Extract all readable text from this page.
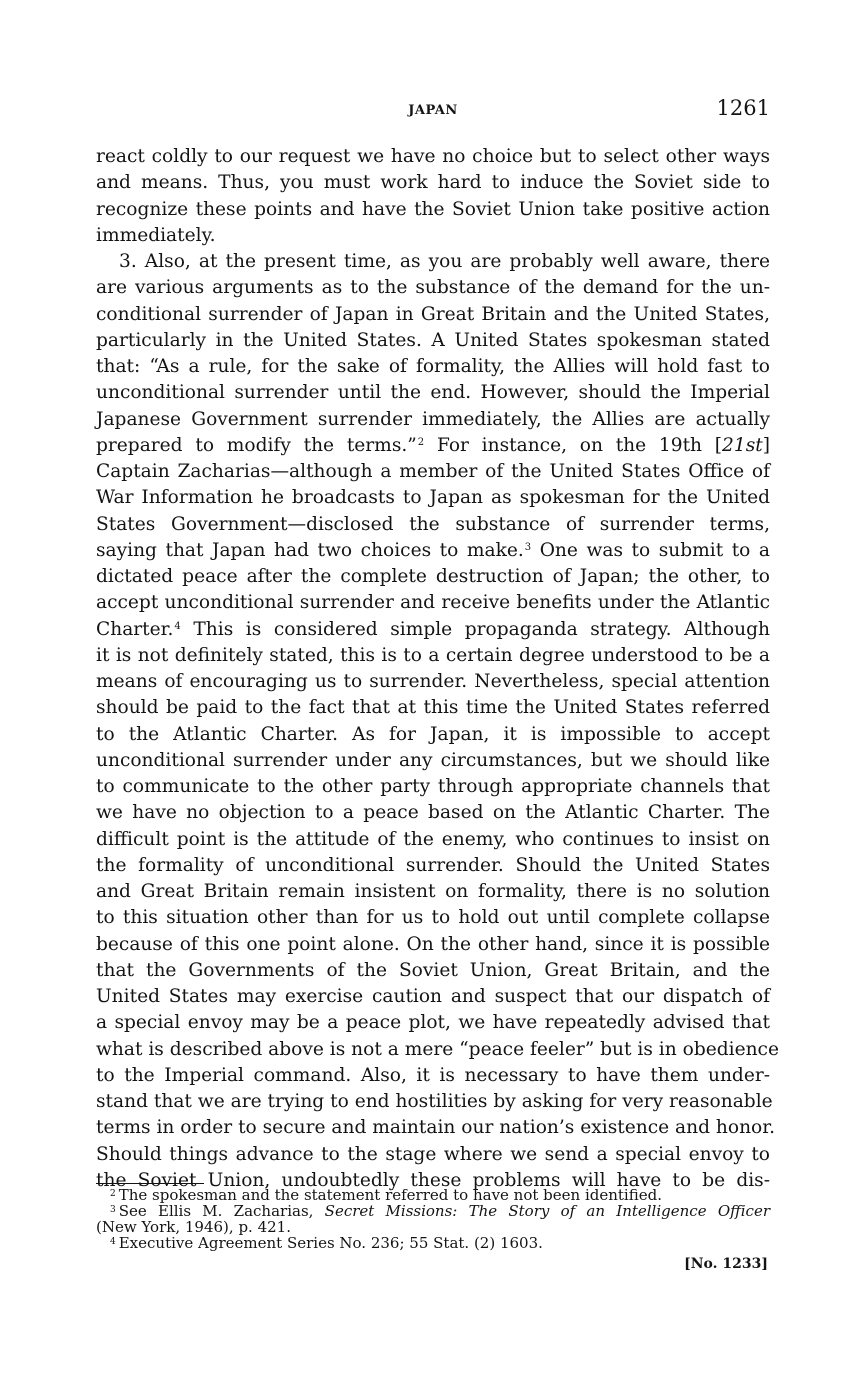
JAPAN	1261
react coldly to our request we have no choice but to select other ways
and means. Thus, you must work hard to induce the Soviet side to
recognize these points and have the Soviet Union take positive action
immediately.
3. Also, at the present time, as you are probably well aware, there
are various arguments as to the substance of the demand for the un-
conditional surrender of Japan in Great Britain and the United States,
particularly in the United States. A United States spokesman stated
that: “As a rule, for the sake of formality, the Allies will hold fast to
unconditional surrender until the end. However, should the Imperial
Japanese Government surrender immediately, the Allies are actually
prepared to modify the terms.”$^2$ For instance, on the 19th [21st]
Captain Zacharias—although a member of the United States Office of
War Information he broadcasts to Japan as spokesman for the United
States Government—disclosed the substance of surrender terms,
saying that Japan had two choices to make.$^3$ One was to submit to a
dictated peace after the complete destruction of Japan; the other, to
accept unconditional surrender and receive benefits under the Atlantic
Charter.$^4$ This is considered simple propaganda strategy. Although
it is not definitely stated, this is to a certain degree understood to be a
means of encouraging us to surrender. Nevertheless, special attention
should be paid to the fact that at this time the United States referred
to the Atlantic Charter. As for Japan, it is impossible to accept
unconditional surrender under any circumstances, but we should like
to communicate to the other party through appropriate channels that
we have no objection to a peace based on the Atlantic Charter. The
difficult point is the attitude of the enemy, who continues to insist on
the formality of unconditional surrender. Should the United States
and Great Britain remain insistent on formality, there is no solution
to this situation other than for us to hold out until complete collapse
because of this one point alone. On the other hand, since it is possible
that the Governments of the Soviet Union, Great Britain, and the
United States may exercise caution and suspect that our dispatch of
a special envoy may be a peace plot, we have repeatedly advised that
what is described above is not a mere “peace feeler” but is in obedience
to the Imperial command. Also, it is necessary to have them under-
stand that we are trying to end hostilities by asking for very reasonable
terms in order to secure and maintain our nation’s existence and honor.
Should things advance to the stage where we send a special envoy to
the Soviet Union, undoubtedly these problems will have to be dis-
$^2$ The spokesman and the statement referred to have not been identified.
$^3$ See Ellis M. Zacharias, Secret Missions: The Story of an Intelligence Officer
(New York, 1946), p. 421.
$^4$ Executive Agreement Series No. 236; 55 Stat. (2) 1603.
[No. 1233]
